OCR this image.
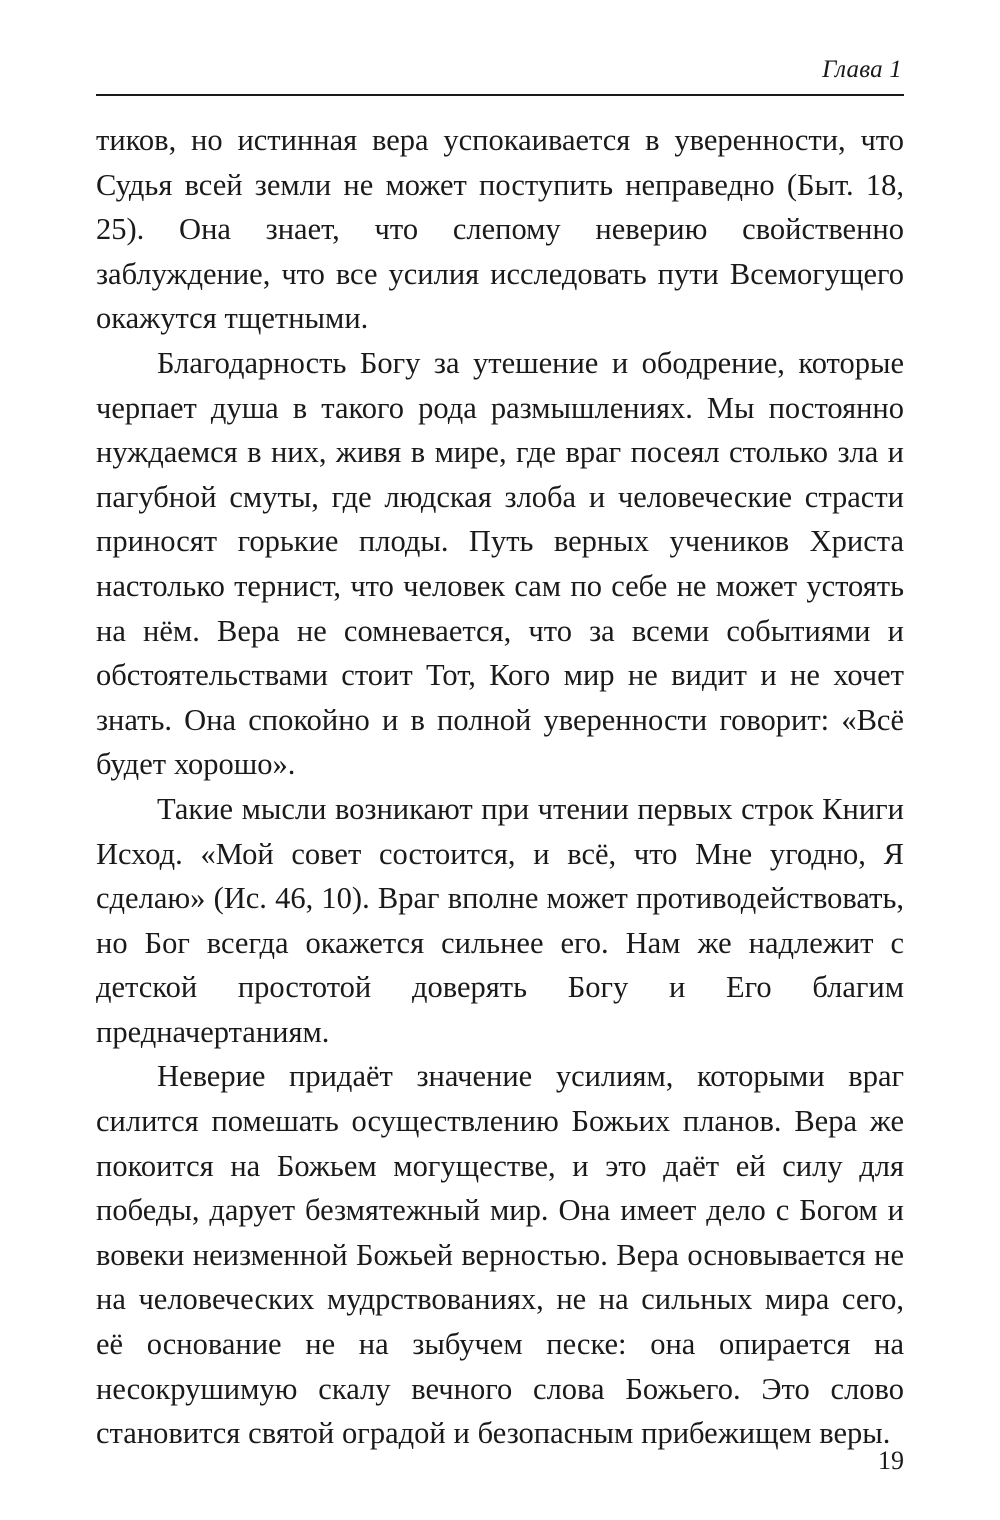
Глава 1

тиков, но истинная вера успокаивается в уверенности, что Судья всей земли не может поступить неправедно (Быт. 18, 25). Она знает, что слепому неверию свойственно заблуждение, что все усилия исследовать пути Всемогущего окажутся тщетными.

Благодарность Богу за утешение и ободрение, которые черпает душа в такого рода размышлениях. Мы постоянно нуждаемся в них, живя в мире, где враг посеял столько зла и пагубной смуты, где людская злоба и человеческие страсти приносят горькие плоды. Путь верных учеников Христа настолько тернист, что человек сам по себе не может устоять на нём. Вера не сомневается, что за всеми событиями и обстоятельствами стоит Тот, Кого мир не видит и не хочет знать. Она спокойно и в полной уверенности говорит: «Всё будет хорошо».

Такие мысли возникают при чтении первых строк Книги Исход. «Мой совет состоится, и всё, что Мне угодно, Я сделаю» (Ис. 46, 10). Враг вполне может противодействовать, но Бог всегда окажется сильнее его. Нам же надлежит с детской простотой доверять Богу и Его благим предначертаниям.

Неверие придаёт значение усилиям, которыми враг силится помешать осуществлению Божьих планов. Вера же покоится на Божьем могуществе, и это даёт ей силу для победы, дарует безмятежный мир. Она имеет дело с Богом и вовеки неизменной Божьей верностью. Вера основывается не на человеческих мудрствованиях, не на сильных мира сего, её основание не на зыбучем песке: она опирается на несокрушимую скалу вечного слова Божьего. Это слово становится святой оградой и безопасным прибежищем веры.

19
